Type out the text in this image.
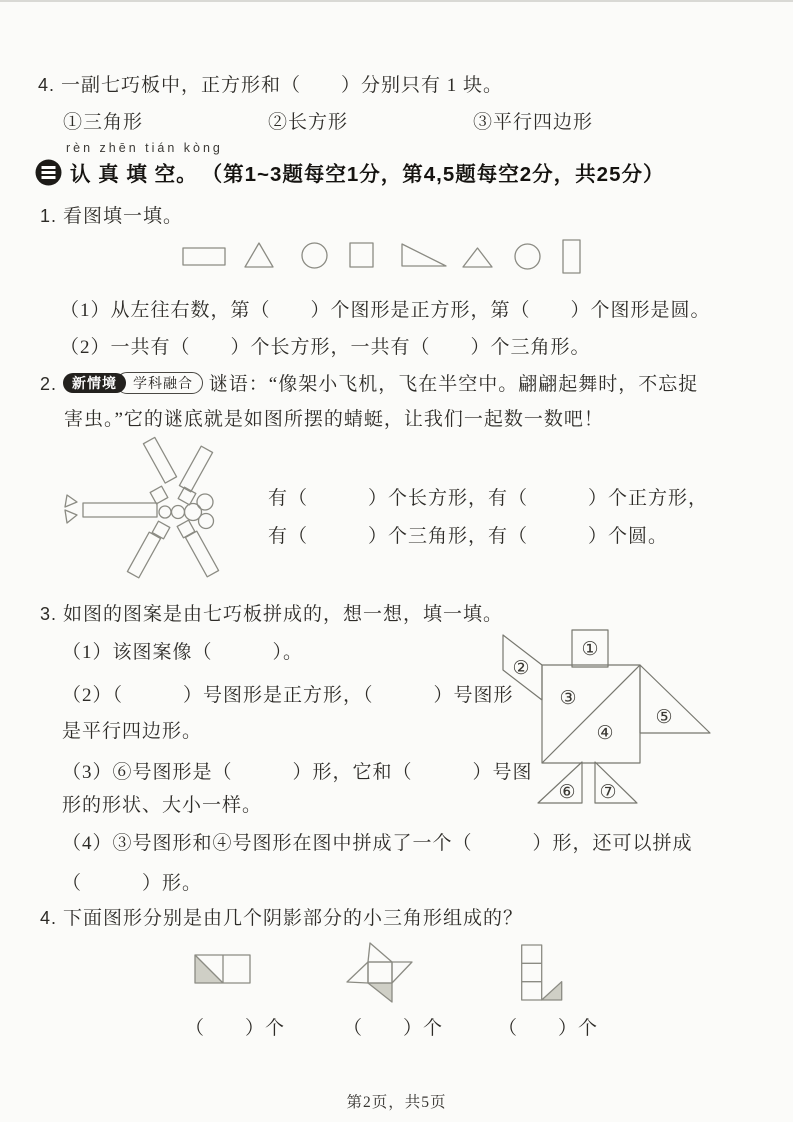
4. 一副七巧板中，正方形和（　　）分别只有 1 块。
①三角形	②长方形	③平行四边形
rèn zhēn tián kòng
认 真 填 空。 （第1~3题每空1分，第4,5题每空2分，共25分）
1. 看图填一填。
（1）从左往右数，第（　　）个图形是正方形，第（　　）个图形是圆。
（2）一共有（　　）个长方形，一共有（　　）个三角形。
2. 新情境 学科融合 谜语：“像架小飞机，飞在半空中。翩翩起舞时，不忘捉
害虫。”它的谜底就是如图所摆的蜻蜓，让我们一起数一数吧！
有（　　　）个长方形，有（　　　）个正方形，
有（　　　）个三角形，有（　　　）个圆。
3. 如图的图案是由七巧板拼成的，想一想，填一填。
（1）该图案像（　　　）。
（2）（　　　）号图形是正方形，（　　　）号图形
是平行四边形。
（3）⑥号图形是（　　　）形，它和（　　　）号图
形的形状、大小一样。
（4）③号图形和④号图形在图中拼成了一个（　　　）形，还可以拼成
（　　　）形。
①
②
③
④
⑤
⑥ ⑦
4. 下面图形分别是由几个阴影部分的小三角形组成的？
（　　）个	（　　）个	（　　）个
第2页，共5页
